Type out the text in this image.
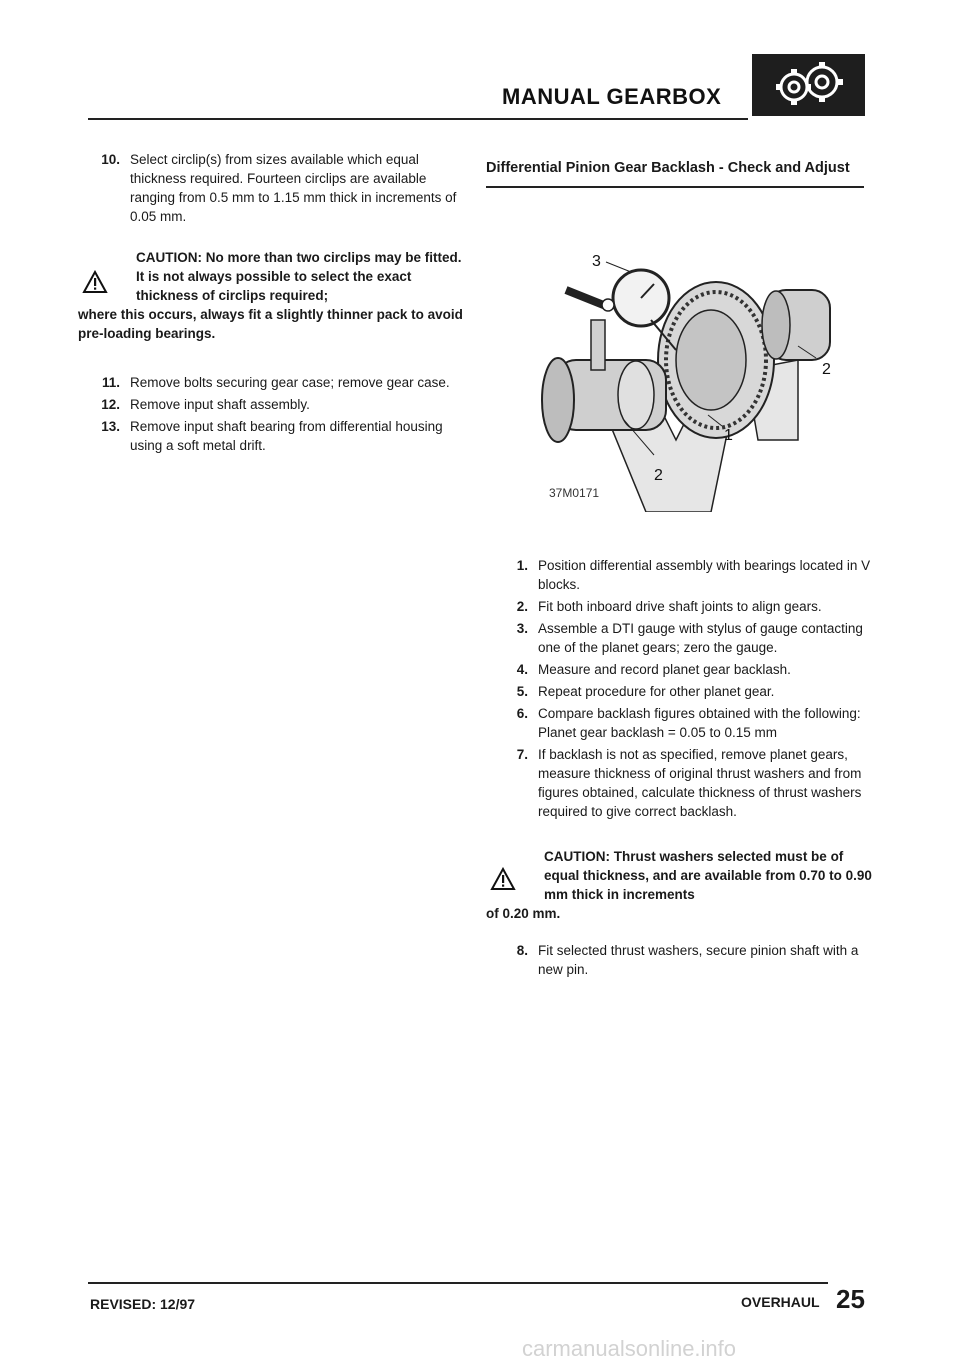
MANUAL GEARBOX
10. Select circlip(s) from sizes available which equal thickness required. Fourteen circlips are available ranging from 0.5 mm to 1.15 mm thick in increments of 0.05 mm.
CAUTION: No more than two circlips may be fitted. It is not always possible to select the exact thickness of circlips required;
where this occurs, always fit a slightly thinner pack to avoid pre-loading bearings.
11. Remove bolts securing gear case; remove gear case.
12. Remove input shaft assembly.
13. Remove input shaft bearing from differential housing using a soft metal drift.
Differential Pinion Gear Backlash - Check and Adjust
3
2
1
2
37M0171
1. Position differential assembly with bearings located in V blocks.
2. Fit both inboard drive shaft joints to align gears.
3. Assemble a DTI gauge with stylus of gauge contacting one of the planet gears; zero the gauge.
4. Measure and record planet gear backlash.
5. Repeat procedure for other planet gear.
6. Compare backlash figures obtained with the following: Planet gear backlash = 0.05 to 0.15 mm
7. If backlash is not as specified, remove planet gears, measure thickness of original thrust washers and from figures obtained, calculate thickness of thrust washers required to give correct backlash.
CAUTION: Thrust washers selected must be of equal thickness, and are available from 0.70 to 0.90 mm thick in increments
of 0.20 mm.
8. Fit selected thrust washers, secure pinion shaft with a new pin.
REVISED: 12/97	OVERHAUL 25
carmanualsonline.info
